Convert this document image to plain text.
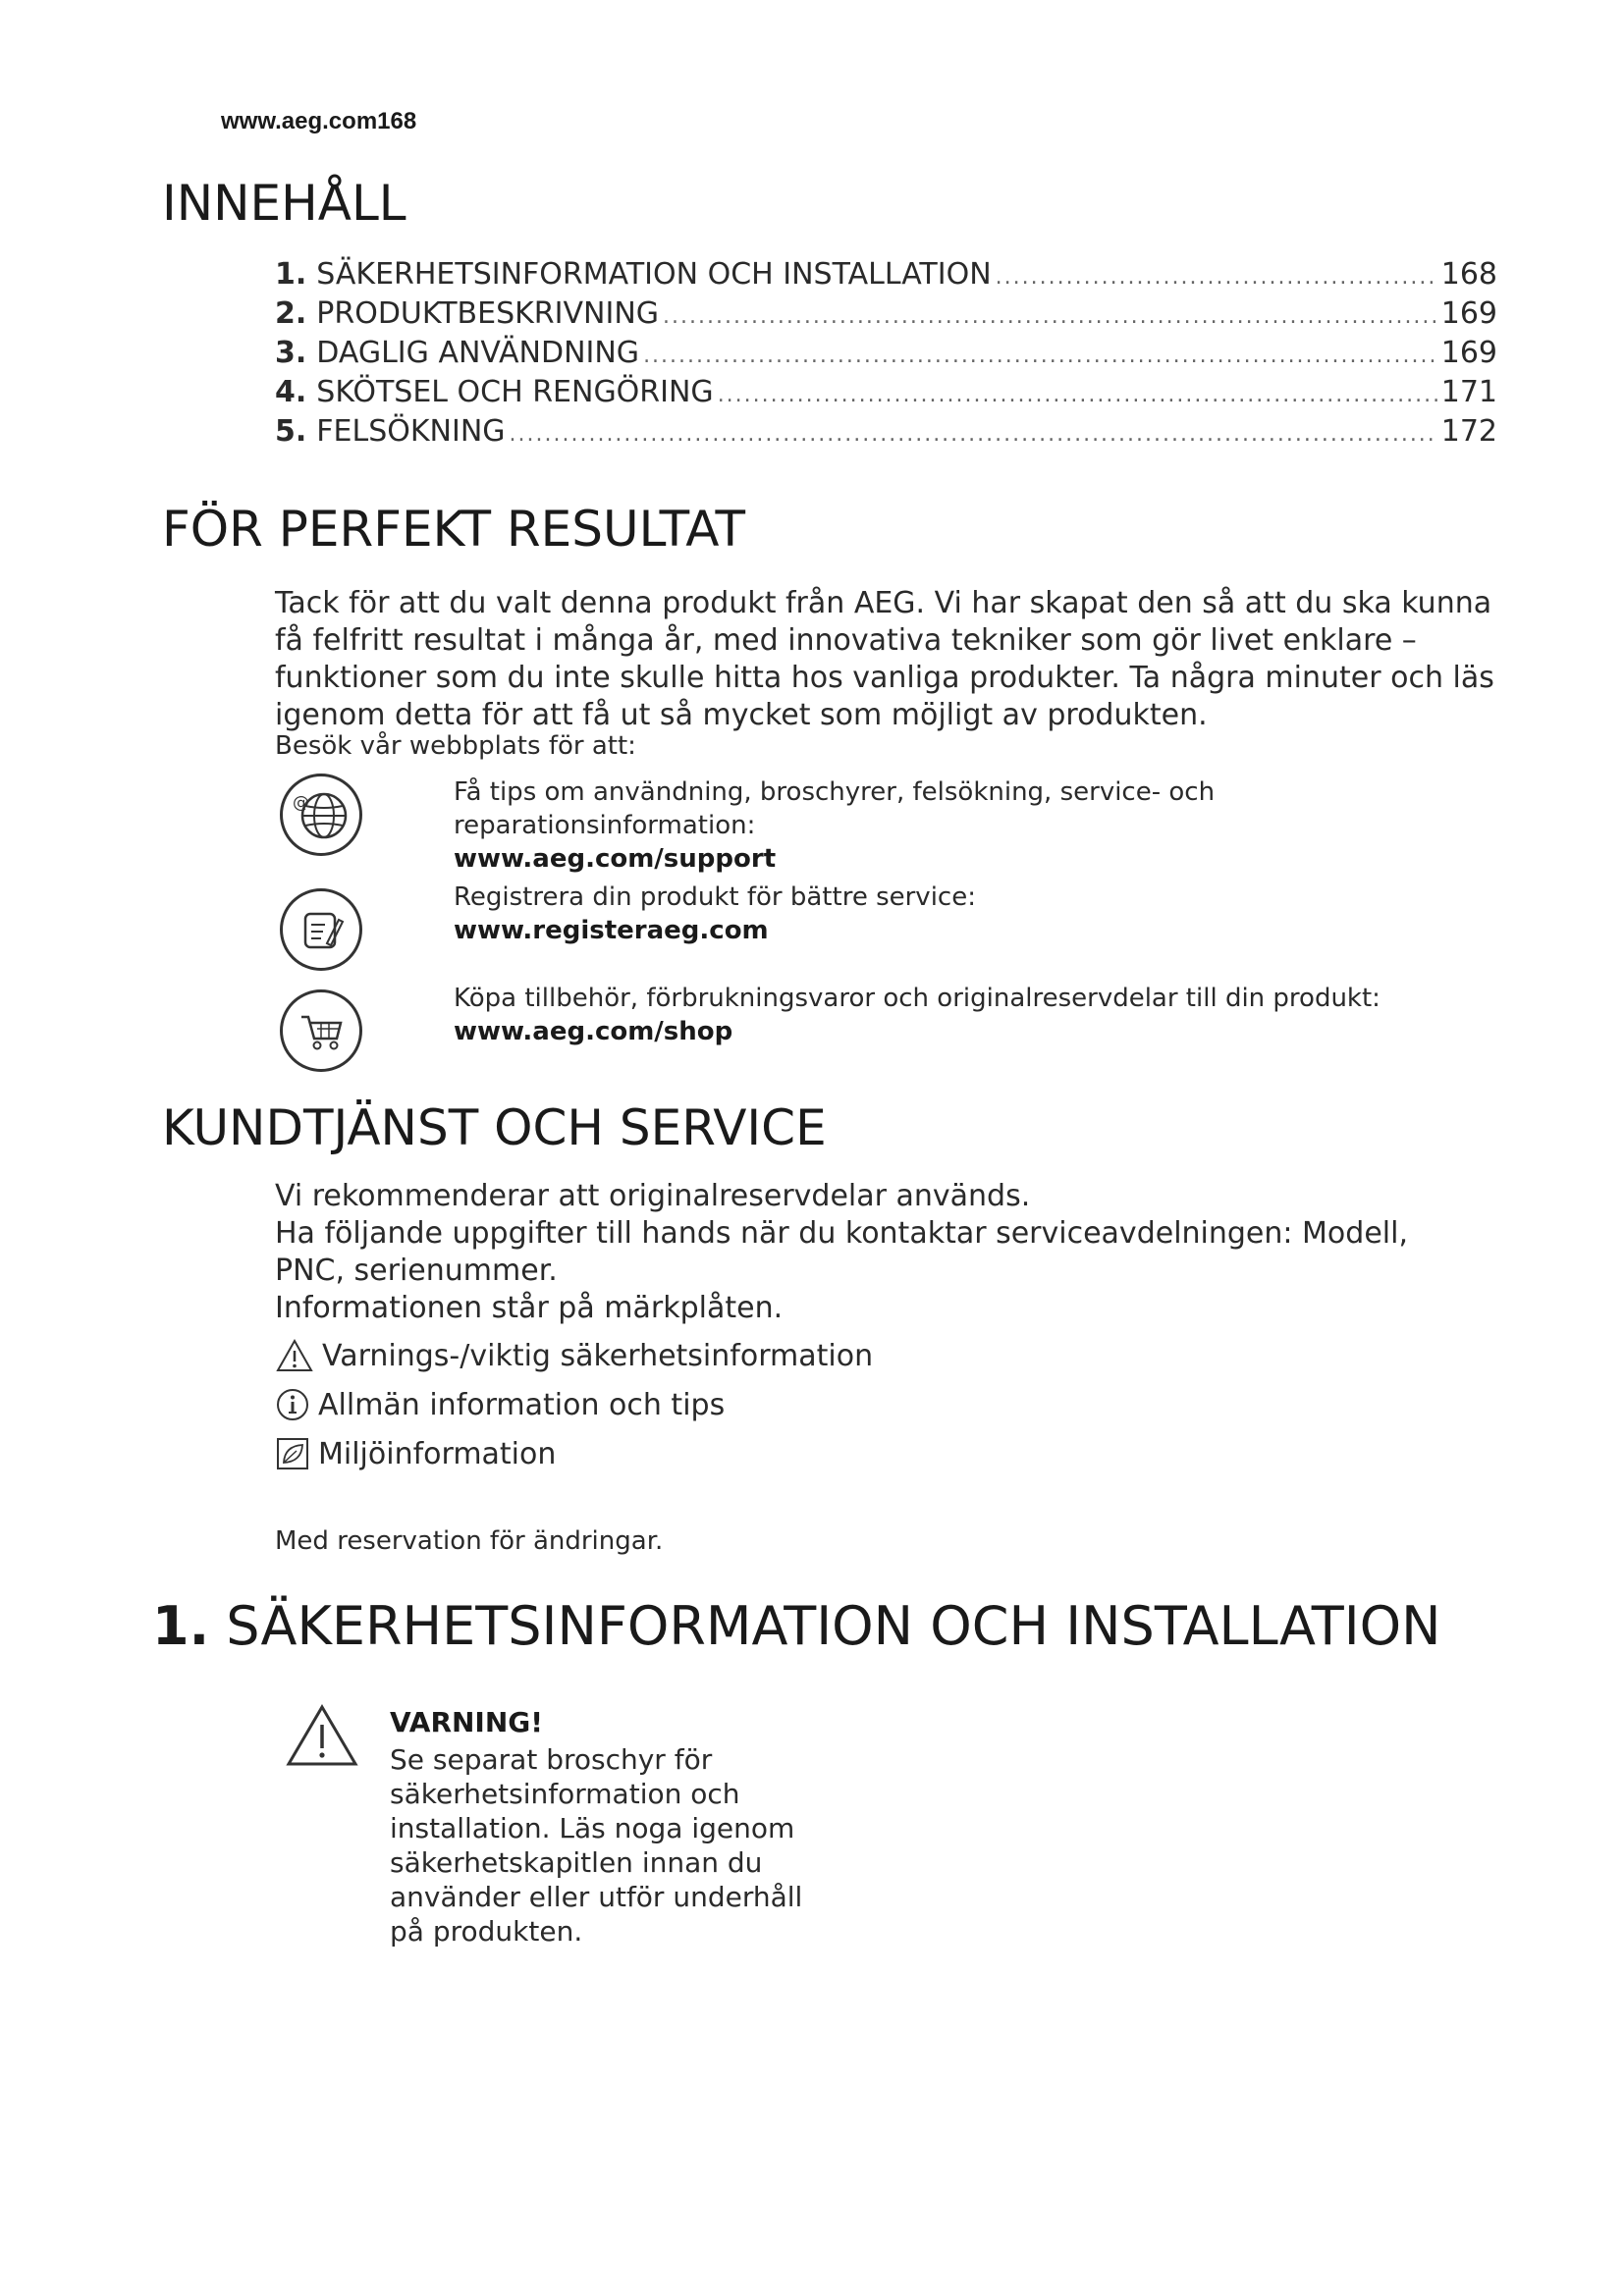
www.aeg.com168
INNEHÅLL
1. SÄKERHETSINFORMATION OCH INSTALLATION .....	168
2. PRODUKTBESKRIVNING .....	169
3. DAGLIG ANVÄNDNING .....	169
4. SKÖTSEL OCH RENGÖRING .....	171
5. FELSÖKNING .....	172
FÖR PERFEKT RESULTAT

Tack för att du valt denna produkt från AEG. Vi har skapat den så att du ska kunna få felfritt resultat i många år, med innovativa tekniker som gör livet enklare – funktioner som du inte skulle hitta hos vanliga produkter. Ta några minuter och läs igenom detta för att få ut så mycket som möjligt av produkten.

Besök vår webbplats för att:
@	Få tips om användning, broschyrer, felsökning, service- och reparationsinformation:
www.aeg.com/support
Registrera din produkt för bättre service:
www.registeraeg.com
Köpa tillbehör, förbrukningsvaror och originalreservdelar till din produkt:
www.aeg.com/shop
KUNDTJÄNST OCH SERVICE
Vi rekommenderar att originalreservdelar används.
Ha följande uppgifter till hands när du kontaktar serviceavdelningen: Modell, PNC, serienummer.
Informationen står på märkplåten.
Varnings-/viktig säkerhetsinformation
Allmän information och tips
Miljöinformation
Med reservation för ändringar.
1. SÄKERHETSINFORMATION OCH INSTALLATION
VARNING!
Se separat broschyr för säkerhetsinformation och installation. Läs noga igenom säkerhetskapitlen innan du använder eller utför underhåll på produkten.
